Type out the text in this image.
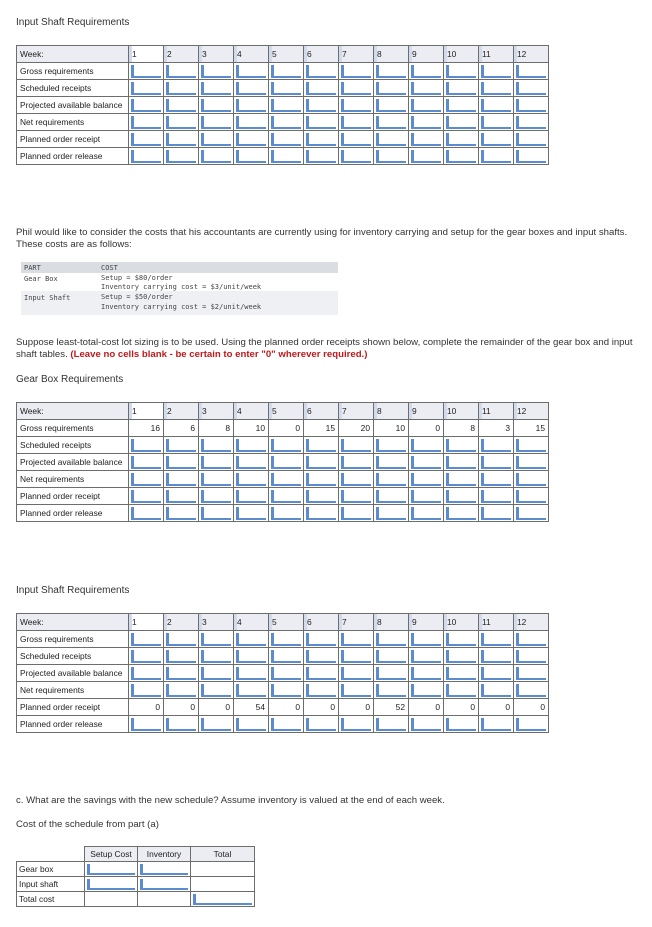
Input Shaft Requirements
Week:	1	2	3	4	5	6	7	8	9	10	11	12
Gross requirements												
Scheduled receipts												
Projected available balance												
Net requirements												
Planned order receipt												
Planned order release												
Phil would like to consider the costs that his accountants are currently using for inventory carrying and setup for the gear boxes and input shafts. These costs are as follows:
PART	COST
Gear Box	Setup = $80/order
Inventory carrying cost = $3/unit/week
Input Shaft	Setup = $50/order
Inventory carrying cost = $2/unit/week
Suppose least-total-cost lot sizing is to be used. Using the planned order receipts shown below, complete the remainder of the gear box and input shaft tables. (Leave no cells blank - be certain to enter "0" wherever required.)
Gear Box Requirements
Week:	1	2	3	4	5	6	7	8	9	10	11	12
Gross requirements	16	6	8	10	0	15	20	10	0	8	3	15
Scheduled receipts												
Projected available balance												
Net requirements												
Planned order receipt												
Planned order release												
Input Shaft Requirements
Week:	1	2	3	4	5	6	7	8	9	10	11	12
Gross requirements												
Scheduled receipts												
Projected available balance												
Net requirements												
Planned order receipt	0	0	0	54	0	0	0	52	0	0	0	0
Planned order release												
c. What are the savings with the new schedule? Assume inventory is valued at the end of each week.
Cost of the schedule from part (a)
	Setup Cost	Inventory	Total
Gear box			
Input shaft			
Total cost			
